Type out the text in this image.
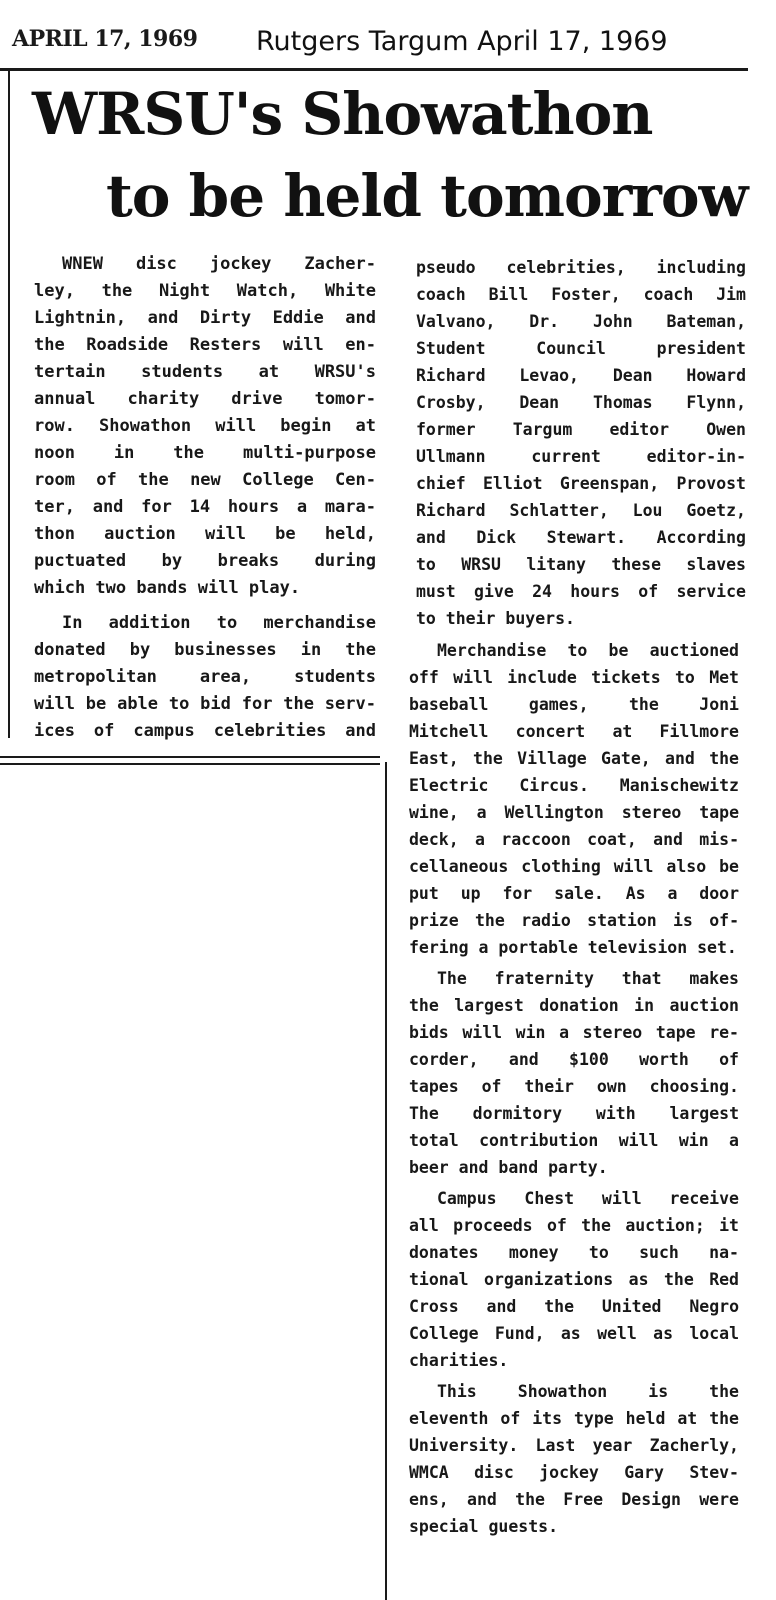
APRIL 17, 1969 Rutgers Targum April 17, 1969
WRSU's Showathon
to be held tomorrow
WNEW disc jockey Zacher-
ley, the Night Watch, White
Lightnin, and Dirty Eddie and
the Roadside Resters will en-
tertain students at WRSU's
annual charity drive tomor-
row. Showathon will begin at
noon in the multi-purpose
room of the new College Cen-
ter, and for 14 hours a mara-
thon auction will be held,
puctuated by breaks during
which two bands will play.
In addition to merchandise
donated by businesses in the
metropolitan area, students
will be able to bid for the serv-
ices of campus celebrities and
pseudo celebrities, including
coach Bill Foster, coach Jim
Valvano, Dr. John Bateman,
Student Council president
Richard Levao, Dean Howard
Crosby, Dean Thomas Flynn,
former Targum editor Owen
Ullmann current editor-in-
chief Elliot Greenspan, Provost
Richard Schlatter, Lou Goetz,
and Dick Stewart. According
to WRSU litany these slaves
must give 24 hours of service
to their buyers.
Merchandise to be auctioned
off will include tickets to Met
baseball games, the Joni
Mitchell concert at Fillmore
East, the Village Gate, and the
Electric Circus. Manischewitz
wine, a Wellington stereo tape
deck, a raccoon coat, and mis-
cellaneous clothing will also be
put up for sale. As a door
prize the radio station is of-
fering a portable television set.
The fraternity that makes
the largest donation in auction
bids will win a stereo tape re-
corder, and $100 worth of
tapes of their own choosing.
The dormitory with largest
total contribution will win a
beer and band party.
Campus Chest will receive
all proceeds of the auction; it
donates money to such na-
tional organizations as the Red
Cross and the United Negro
College Fund, as well as local
charities.
This Showathon is the
eleventh of its type held at the
University. Last year Zacherly,
WMCA disc jockey Gary Stev-
ens, and the Free Design were
special guests.
